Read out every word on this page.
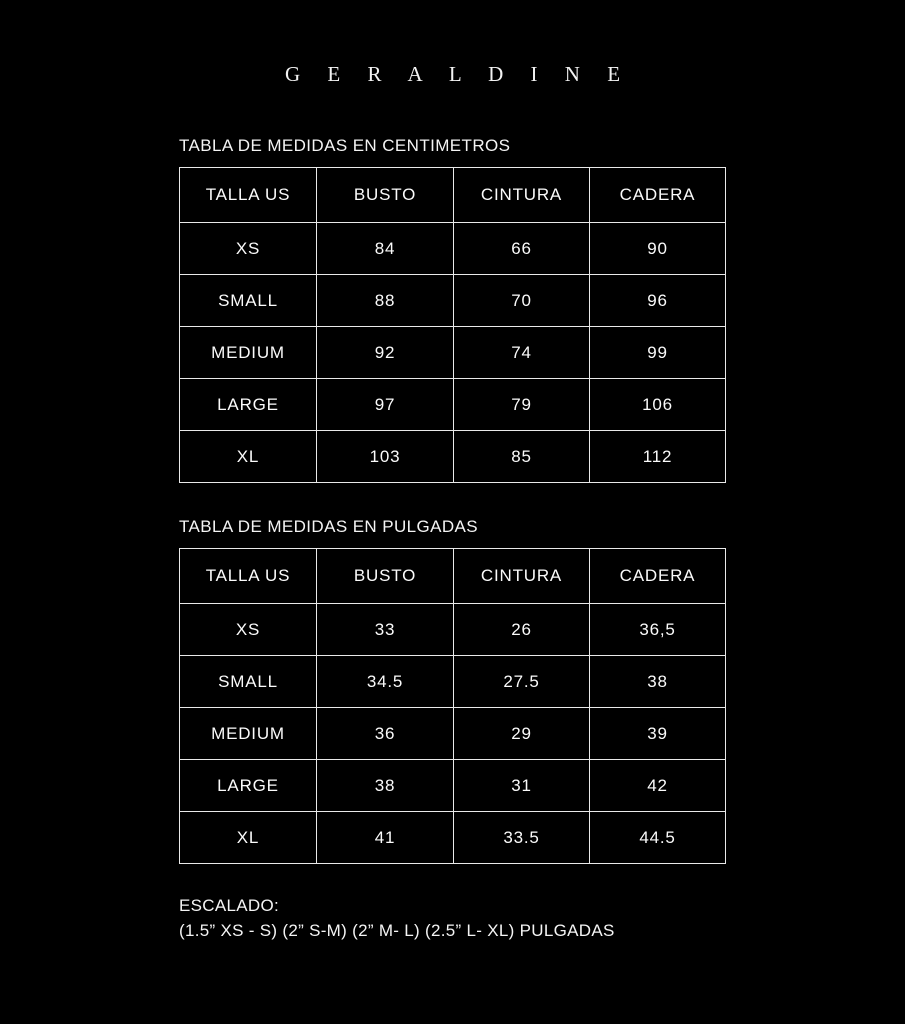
G E R A L D I N E
TABLA DE MEDIDAS EN CENTIMETROS
TALLA US	BUSTO	CINTURA	CADERA
XS	84	66	90
SMALL	88	70	96
MEDIUM	92	74	99
LARGE	97	79	106
XL	103	85	112
TABLA DE MEDIDAS EN PULGADAS
TALLA US	BUSTO	CINTURA	CADERA
XS	33	26	36,5
SMALL	34.5	27.5	38
MEDIUM	36	29	39
LARGE	38	31	42
XL	41	33.5	44.5
ESCALADO:
(1.5” XS - S) (2” S-M) (2” M- L) (2.5” L- XL) PULGADAS
